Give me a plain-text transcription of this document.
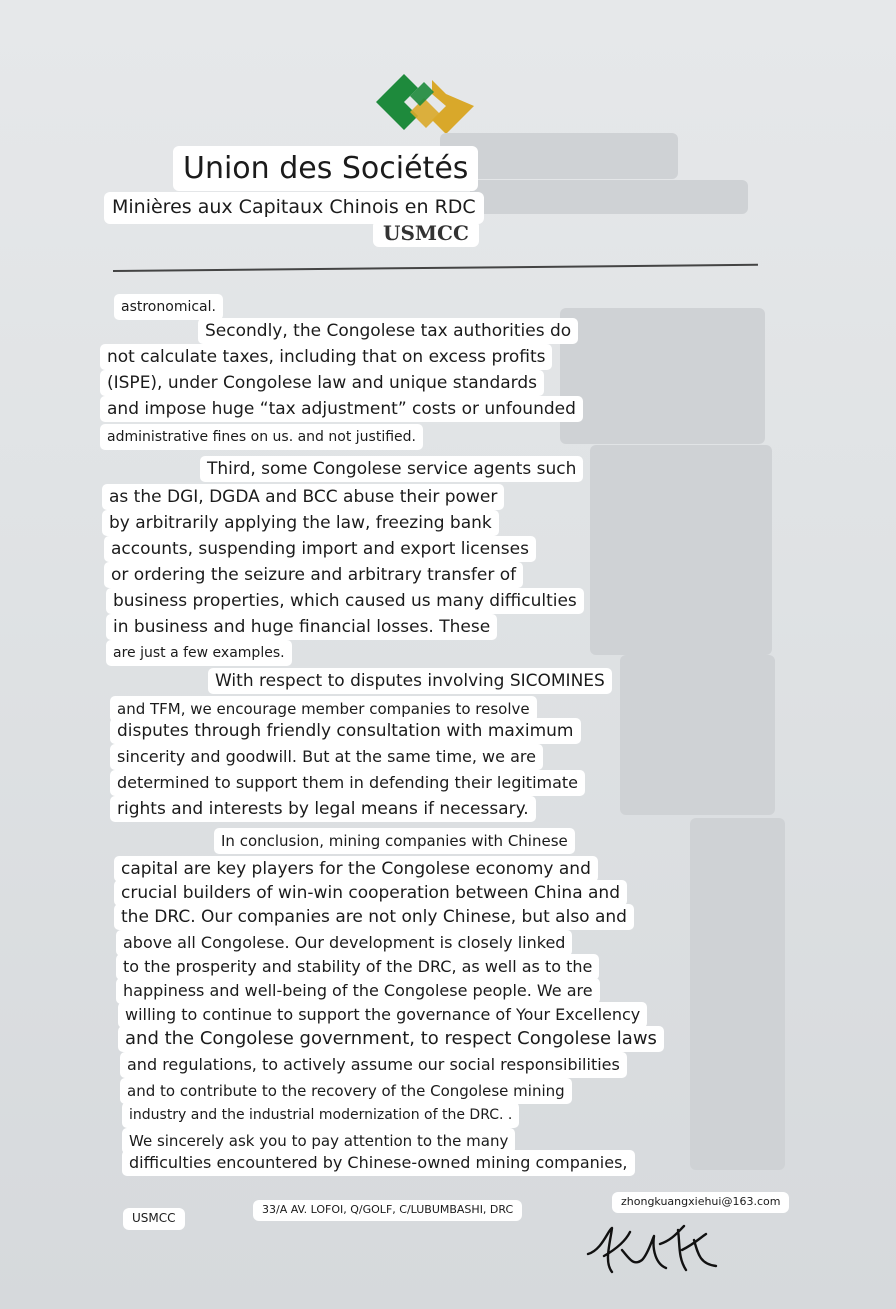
Union des Sociétés
Minières aux Capitaux Chinois en RDC
USMCC
astronomical.
Secondly, the Congolese tax authorities do
not calculate taxes, including that on excess profits
(ISPE), under Congolese law and unique standards
and impose huge “tax adjustment” costs or unfounded
administrative fines on us. and not justified.
Third, some Congolese service agents such
as the DGI, DGDA and BCC abuse their power
by arbitrarily applying the law, freezing bank
accounts, suspending import and export licenses
or ordering the seizure and arbitrary transfer of
business properties, which caused us many difficulties
in business and huge financial losses. These
are just a few examples.
With respect to disputes involving SICOMINES
and TFM, we encourage member companies to resolve
disputes through friendly consultation with maximum
sincerity and goodwill. But at the same time, we are
determined to support them in defending their legitimate
rights and interests by legal means if necessary.
In conclusion, mining companies with Chinese
capital are key players for the Congolese economy and
crucial builders of win-win cooperation between China and
the DRC. Our companies are not only Chinese, but also and
above all Congolese. Our development is closely linked
to the prosperity and stability of the DRC, as well as to the
happiness and well-being of the Congolese people. We are
willing to continue to support the governance of Your Excellency
and the Congolese government, to respect Congolese laws
and regulations, to actively assume our social responsibilities
and to contribute to the recovery of the Congolese mining
industry and the industrial modernization of the DRC. .
We sincerely ask you to pay attention to the many
difficulties encountered by Chinese-owned mining companies,
USMCC
33/A AV. LOFOI, Q/GOLF, C/LUBUMBASHI, DRC
zhongkuangxiehui@163.com
